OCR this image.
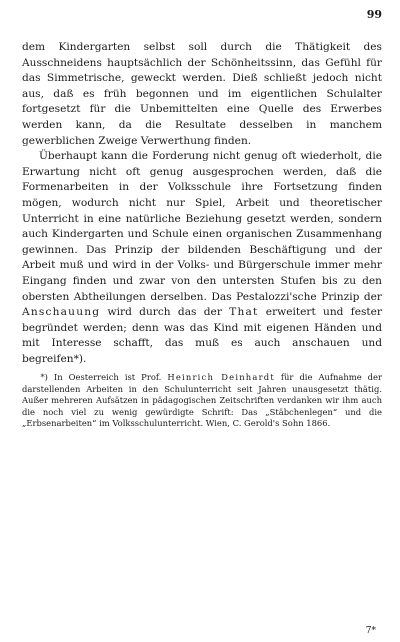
99

dem Kindergarten selbst soll durch die Thätigkeit des Ausschneidens hauptsächlich der Schönheitssinn, das Gefühl für das Simmetrische, geweckt werden. Dieß schließt jedoch nicht aus, daß es früh begonnen und im eigentlichen Schulalter fortgesetzt für die Unbemittelten eine Quelle des Erwerbes werden kann, da die Resultate desselben in manchem gewerblichen Zweige Verwerthung finden.

Überhaupt kann die Forderung nicht genug oft wiederholt, die Erwartung nicht oft genug ausgesprochen werden, daß die Formenarbeiten in der Volksschule ihre Fortsetzung finden mögen, wodurch nicht nur Spiel, Arbeit und theoretischer Unterricht in eine natürliche Beziehung gesetzt werden, sondern auch Kindergarten und Schule einen organischen Zusammenhang gewinnen. Das Prinzip der bildenden Beschäftigung und der Arbeit muß und wird in der Volks- und Bürgerschule immer mehr Eingang finden und zwar von den untersten Stufen bis zu den obersten Abtheilungen derselben. Das Pestalozzi'sche Prinzip der Anschauung wird durch das der That erweitert und fester begründet werden; denn was das Kind mit eigenen Händen und mit Interesse schafft, das muß es auch anschauen und begreifen*).

*) In Oesterreich ist Prof. Heinrich Deinhardt für die Aufnahme der darstellenden Arbeiten in den Schulunterricht seit Jahren unausgesetzt thätig. Außer mehreren Aufsätzen in pädagogischen Zeitschriften verdanken wir ihm auch die noch viel zu wenig gewürdigte Schrift: Das „Stäbchenlegen“ und die „Erbsenarbeiten“ im Volksschulunterricht. Wien, C. Gerold's Sohn 1866.

7*
